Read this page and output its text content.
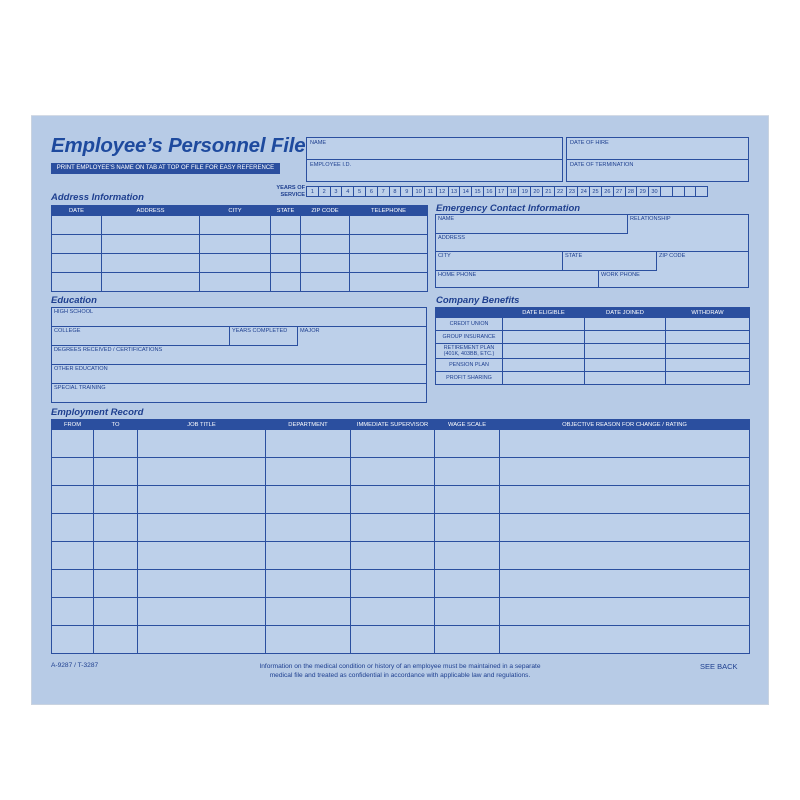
Employee’s Personnel File
PRINT EMPLOYEE’S NAME ON TAB AT TOP OF FILE FOR EASY REFERENCE
NAME
EMPLOYEE I.D.
DATE OF HIRE
DATE OF TERMINATION
YEARS OF
SERVICE	1	2	3	4	5	6	7	8	9	10	11	12 13 14 15 16 17 18 19 20 21 22 23 24 25 26 27 28 29 30
Address Information
DATE	ADDRESS	CITY	STATE	ZIP CODE	TELEPHONE

						Emergency Contact Information
NAME	RELATIONSHIP
ADDRESS
CITY	STATE	ZIP CODE
HOME PHONE	WORK PHONE
Education
HIGH SCHOOL
COLLEGE	YEARS COMPLETED MAJOR
DEGREES RECEIVED / CERTIFICATIONS
OTHER EDUCATION
SPECIAL TRAINING
Company Benefits
	DATE ELIGIBLE	DATE JOINED	WITHDRAW
CREDIT UNION			
GROUP INSURANCE			

RETIREMENT PLAN
(401K, 403BB, ETC.)			

PENSION PLAN			
PROFIT SHARING			
Employment Record
FROM	TO	JOB TITLE	DEPARTMENT	IMMEDIATE SUPERVISOR	WAGE SCALE	OBJECTIVE REASON FOR CHANGE / RATING

A-9287 / T-3287	Information on the medical condition or history of an employee must be maintained in a separate
medical file and treated as confidential in accordance with applicable law and regulations.
SEE BACK
